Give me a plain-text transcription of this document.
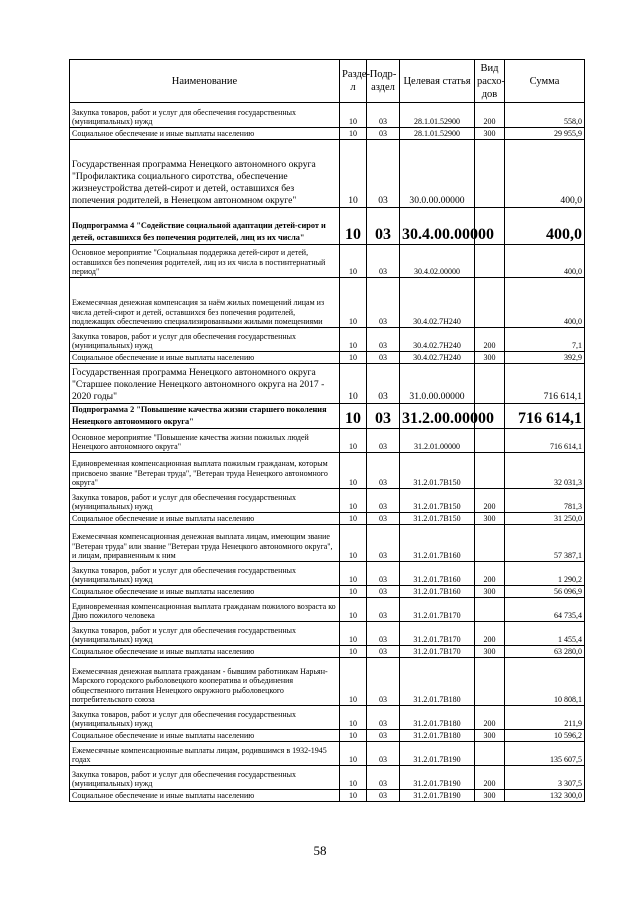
Наименование	Раздел	Подраздел	Целевая статья	Вид расходов	Сумма
Закупка товаров, работ и услуг для обеспечения государственных (муниципальных) нужд	10	03	28.1.01.52900	200	558,0
Социальное обеспечение и иные выплаты населению	10	03	28.1.01.52900	300	29 955,9
Государственная программа Ненецкого автономного округа "Профилактика социального сиротства, обеспечение жизнеустройства детей-сирот и детей, оставшихся без попечения родителей, в Ненецком автономном округе"	10	03	30.0.00.00000		400,0
Подпрограмма 4 "Содействие социальной адаптации детей-сирот и детей, оставшихся без попечения родителей, лиц из их числа"	10	03	30.4.00.00000		400,0
Основное мероприятие "Социальная поддержка детей-сирот и детей, оставшихся без попечения родителей, лиц из их числа в постинтернатный период"	10	03	30.4.02.00000		400,0
Ежемесячная денежная компенсация за наём жилых помещений лицам из числа детей-сирот и детей, оставшихся без попечения родителей, подлежащих обеспечению специализированными жилыми помещениями	10	03	30.4.02.7Н240		400,0
Закупка товаров, работ и услуг для обеспечения государственных (муниципальных) нужд	10	03	30.4.02.7Н240	200	7,1
Социальное обеспечение и иные выплаты населению	10	03	30.4.02.7Н240	300	392,9
Государственная программа Ненецкого автономного округа "Старшее поколение Ненецкого автономного округа на 2017 - 2020 годы"	10	03	31.0.00.00000		716 614,1
Подпрограмма 2 "Повышение качества жизни старшего поколения Ненецкого автономного округа"	10	03	31.2.00.00000		716 614,1
Основное мероприятие "Повышение качества жизни пожилых людей Ненецкого автономного округа"	10	03	31.2.01.00000		716 614,1
Единовременная компенсационная выплата пожилым гражданам, которым присвоено звание "Ветеран труда", "Ветеран труда Ненецкого автономного округа"	10	03	31.2.01.7В150		32 031,3
Закупка товаров, работ и услуг для обеспечения государственных (муниципальных) нужд	10	03	31.2.01.7В150	200	781,3
Социальное обеспечение и иные выплаты населению	10	03	31.2.01.7В150	300	31 250,0
Ежемесячная компенсационная денежная выплата лицам, имеющим звание "Ветеран труда" или звание "Ветеран труда Ненецкого автономного округа", и лицам, приравненным к ним	10	03	31.2.01.7В160		57 387,1
Закупка товаров, работ и услуг для обеспечения государственных (муниципальных) нужд	10	03	31.2.01.7В160	200	1 290,2
Социальное обеспечение и иные выплаты населению	10	03	31.2.01.7В160	300	56 096,9
Единовременная компенсационная выплата гражданам пожилого возраста ко Дню пожилого человека	10	03	31.2.01.7В170		64 735,4
Закупка товаров, работ и услуг для обеспечения государственных (муниципальных) нужд	10	03	31.2.01.7В170	200	1 455,4
Социальное обеспечение и иные выплаты населению	10	03	31.2.01.7В170	300	63 280,0
Ежемесячная денежная выплата гражданам - бывшим работникам Нарьян-Марского городского рыболовецкого кооператива и объединения общественного питания Ненецкого окружного рыболовецкого потребительского союза	10	03	31.2.01.7В180		10 808,1
Закупка товаров, работ и услуг для обеспечения государственных (муниципальных) нужд	10	03	31.2.01.7В180	200	211,9
Социальное обеспечение и иные выплаты населению	10	03	31.2.01.7В180	300	10 596,2
Ежемесячные компенсационные выплаты лицам, родившимся в 1932-1945 годах	10	03	31.2.01.7В190		135 607,5
Закупка товаров, работ и услуг для обеспечения государственных (муниципальных) нужд	10	03	31.2.01.7В190	200	3 307,5
Социальное обеспечение и иные выплаты населению	10	03	31.2.01.7В190	300	132 300,0
58
